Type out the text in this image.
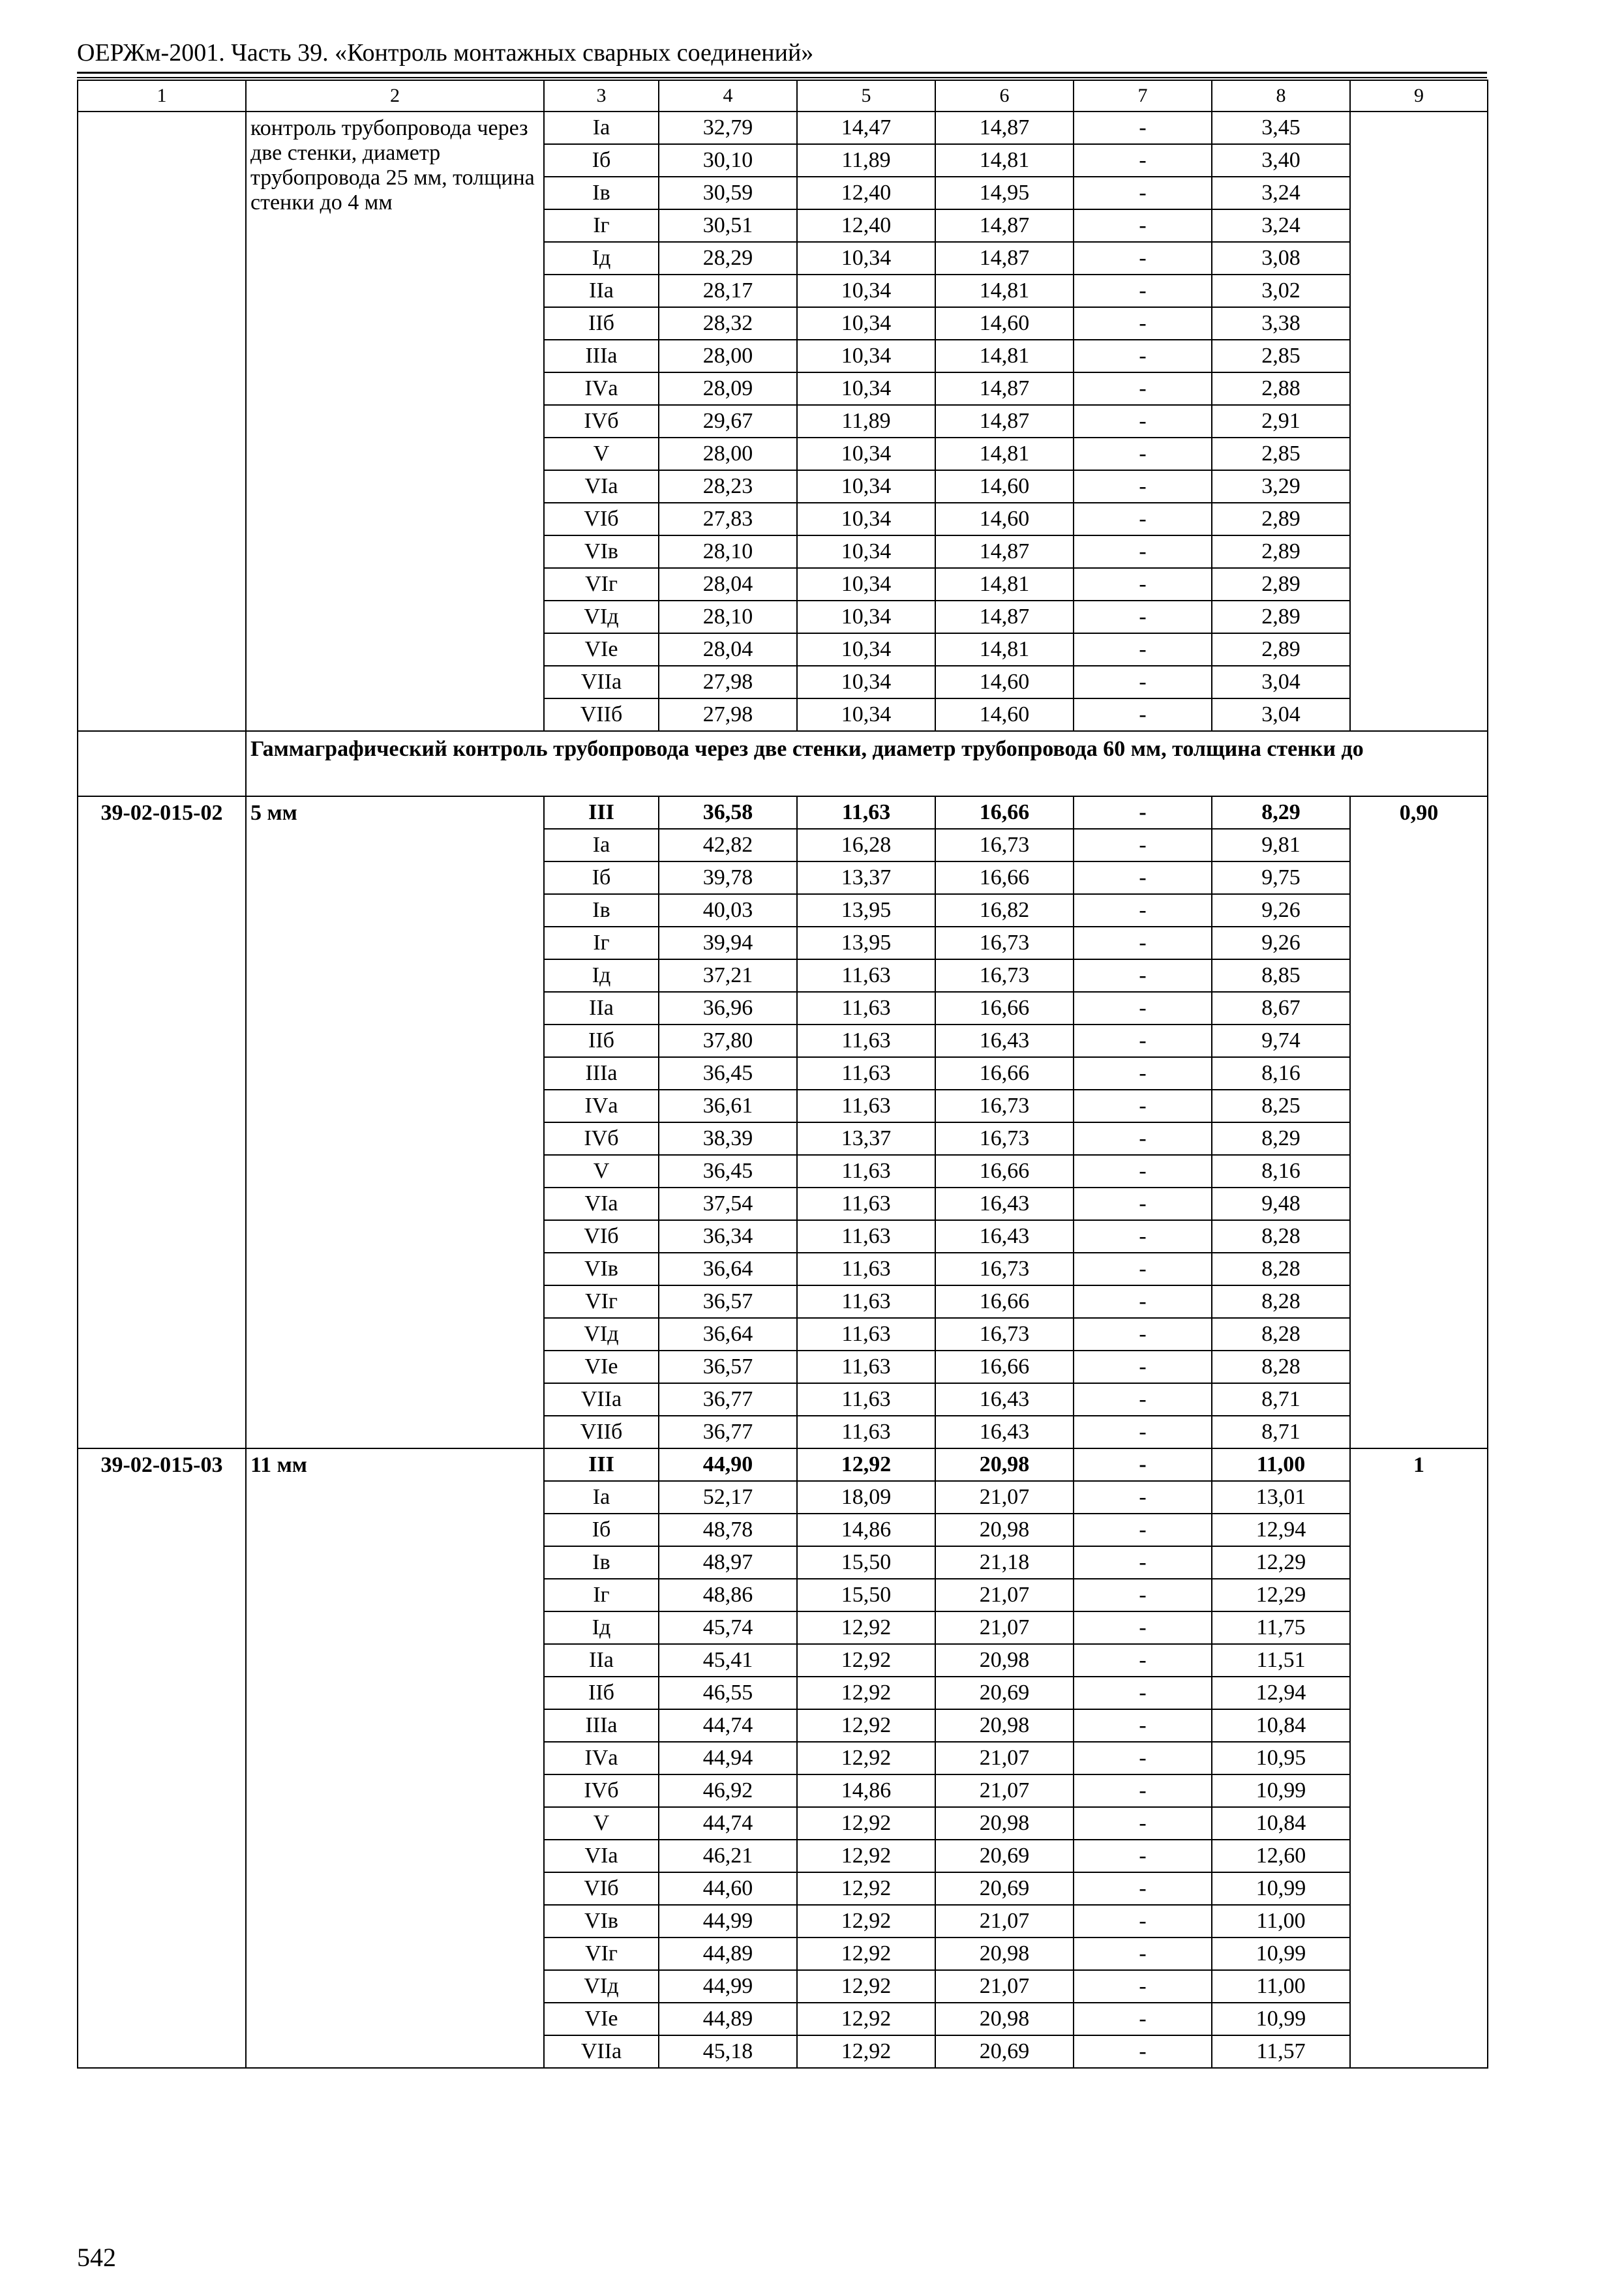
ОЕРЖм-2001. Часть 39. «Контроль монтажных сварных соединений»
1	2	3	4	5	6	7	8	9
	контроль трубопровода через две стенки, диаметр трубопровода 25 мм, толщина стенки до 4 мм	Iа	32,79	14,47	14,87	-	3,45	
		Iб	30,10	11,89	14,81	-	3,40	
		Iв	30,59	12,40	14,95	-	3,24	
		Iг	30,51	12,40	14,87	-	3,24	
		Iд	28,29	10,34	14,87	-	3,08	
		IIа	28,17	10,34	14,81	-	3,02	
		IIб	28,32	10,34	14,60	-	3,38	
		IIIа	28,00	10,34	14,81	-	2,85	
		IVа	28,09	10,34	14,87	-	2,88	
		IVб	29,67	11,89	14,87	-	2,91	
		V	28,00	10,34	14,81	-	2,85	
		VIа	28,23	10,34	14,60	-	3,29	
		VIб	27,83	10,34	14,60	-	2,89	
		VIв	28,10	10,34	14,87	-	2,89	
		VIг	28,04	10,34	14,81	-	2,89	
		VIд	28,10	10,34	14,87	-	2,89	
		VIе	28,04	10,34	14,81	-	2,89	
		VIIа	27,98	10,34	14,60	-	3,04	
		VIIб	27,98	10,34	14,60	-	3,04	
	Гаммаграфический контроль трубопровода через две стенки, диаметр трубопровода 60 мм, толщина стенки до							
39-02-015-02	5 мм	III	36,58	11,63	16,66	-	8,29	0,90
		Iа	42,82	16,28	16,73	-	9,81	
		Iб	39,78	13,37	16,66	-	9,75	
		Iв	40,03	13,95	16,82	-	9,26	
		Iг	39,94	13,95	16,73	-	9,26	
		Iд	37,21	11,63	16,73	-	8,85	
		IIа	36,96	11,63	16,66	-	8,67	
		IIб	37,80	11,63	16,43	-	9,74	
		IIIа	36,45	11,63	16,66	-	8,16	
		IVа	36,61	11,63	16,73	-	8,25	
		IVб	38,39	13,37	16,73	-	8,29	
		V	36,45	11,63	16,66	-	8,16	
		VIа	37,54	11,63	16,43	-	9,48	
		VIб	36,34	11,63	16,43	-	8,28	
		VIв	36,64	11,63	16,73	-	8,28	
		VIг	36,57	11,63	16,66	-	8,28	
		VIд	36,64	11,63	16,73	-	8,28	
		VIе	36,57	11,63	16,66	-	8,28	
		VIIа	36,77	11,63	16,43	-	8,71	
		VIIб	36,77	11,63	16,43	-	8,71	
39-02-015-03	11 мм	III	44,90	12,92	20,98	-	11,00	1
		Iа	52,17	18,09	21,07	-	13,01	
		Iб	48,78	14,86	20,98	-	12,94	
		Iв	48,97	15,50	21,18	-	12,29	
		Iг	48,86	15,50	21,07	-	12,29	
		Iд	45,74	12,92	21,07	-	11,75	
		IIа	45,41	12,92	20,98	-	11,51	
		IIб	46,55	12,92	20,69	-	12,94	
		IIIа	44,74	12,92	20,98	-	10,84	
		IVа	44,94	12,92	21,07	-	10,95	
		IVб	46,92	14,86	21,07	-	10,99	
		V	44,74	12,92	20,98	-	10,84	
		VIа	46,21	12,92	20,69	-	12,60	
		VIб	44,60	12,92	20,69	-	10,99	
		VIв	44,99	12,92	21,07	-	11,00	
		VIг	44,89	12,92	20,98	-	10,99	
		VIд	44,99	12,92	21,07	-	11,00	
		VIе	44,89	12,92	20,98	-	10,99	
		VIIа	45,18	12,92	20,69	-	11,57	
542
